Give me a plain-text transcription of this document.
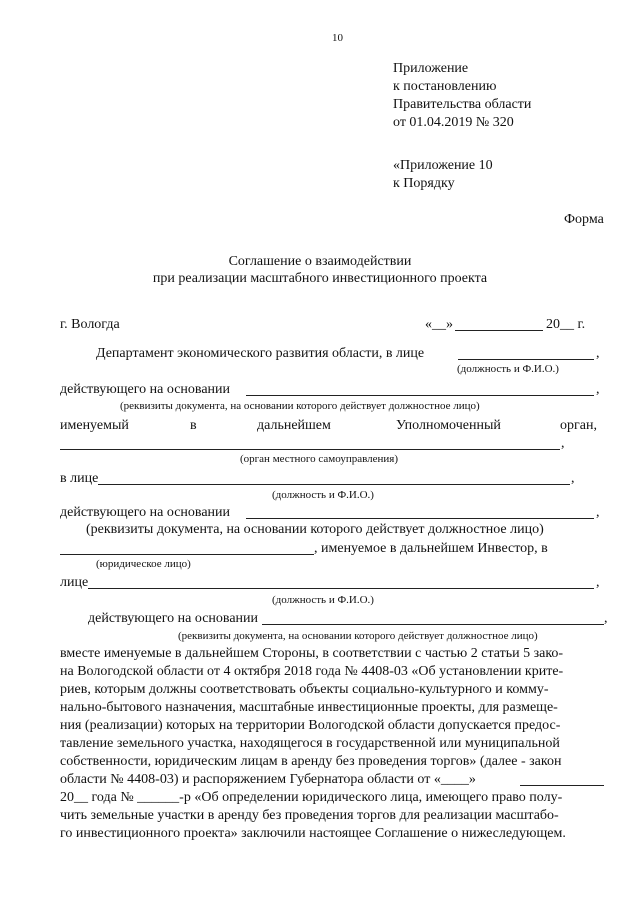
10
Приложение
к постановлению
Правительства области
от 01.04.2019 № 320
«Приложение 10
к Порядку
Форма
Соглашение о взаимодействии
при реализации масштабного инвестиционного проекта
г. Вологда	«__»	20__ г.
Департамент экономического развития области, в лице	,
(должность и Ф.И.О.)
действующего на основании	,
(реквизиты документа, на основании которого действует должностное лицо)
именуемый	в	дальнейшем	Уполномоченный	орган,
,
(орган местного самоуправления)
в лице	,
(должность и Ф.И.О.)
действующего на основании	,
(реквизиты документа, на основании которого действует должностное лицо)
, именуемое в дальнейшем Инвестор, в
(юридическое лицо)
лице	,
(должность и Ф.И.О.)
действующего на основании	,
(реквизиты документа, на основании которого действует должностное лицо)
вместе именуемые в дальнейшем Стороны, в соответствии с частью 2 статьи 5 зако-
на Вологодской области от 4 октября 2018 года № 4408-03 «Об установлении крите-
риев, которым должны соответствовать объекты социально-культурного и комму-
нально-бытового назначения, масштабные инвестиционные проекты, для размеще-
ния (реализации) которых на территории Вологодской области допускается предос-
тавление земельного участка, находящегося в государственной или муниципальной
собственности, юридическим лицам в аренду без проведения торгов» (далее - закон
области № 4408-03) и распоряжением Губернатора области от «____»
20__ года № ______-р «Об определении юридического лица, имеющего право полу-
чить земельные участки в аренду без проведения торгов для реализации масштабо-
го инвестиционного проекта» заключили настоящее Соглашение о нижеследующем.
